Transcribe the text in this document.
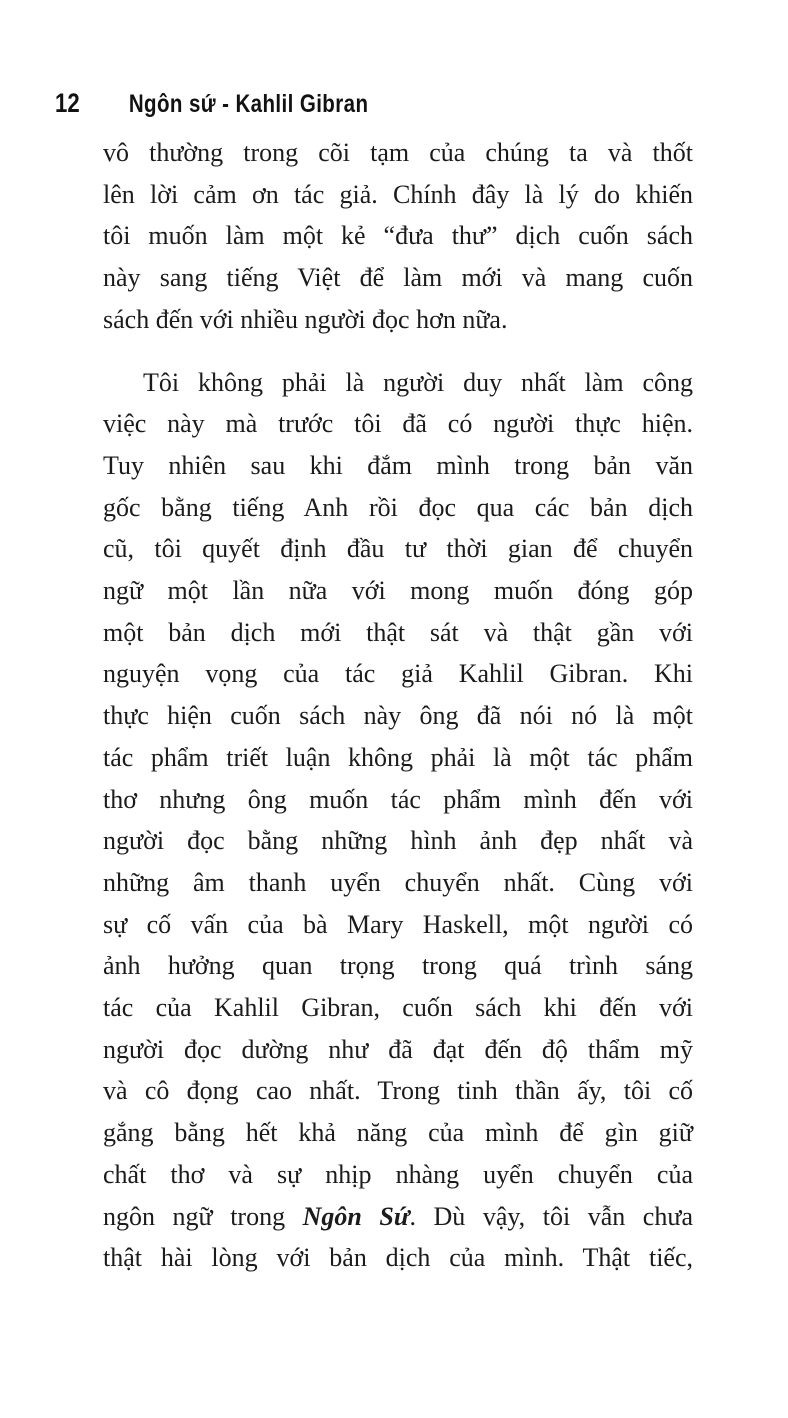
12 Ngôn sứ - Kahlil Gibran
vô thường trong cõi tạm của chúng ta và thốt
lên lời cảm ơn tác giả. Chính đây là lý do khiến
tôi muốn làm một kẻ “đưa thư” dịch cuốn sách
này sang tiếng Việt để làm mới và mang cuốn
sách đến với nhiều người đọc hơn nữa.
Tôi không phải là người duy nhất làm công
việc này mà trước tôi đã có người thực hiện.
Tuy nhiên sau khi đắm mình trong bản văn
gốc bằng tiếng Anh rồi đọc qua các bản dịch
cũ, tôi quyết định đầu tư thời gian để chuyển
ngữ một lần nữa với mong muốn đóng góp
một bản dịch mới thật sát và thật gần với
nguyện vọng của tác giả Kahlil Gibran. Khi
thực hiện cuốn sách này ông đã nói nó là một
tác phẩm triết luận không phải là một tác phẩm
thơ nhưng ông muốn tác phẩm mình đến với
người đọc bằng những hình ảnh đẹp nhất và
những âm thanh uyển chuyển nhất. Cùng với
sự cố vấn của bà Mary Haskell, một người có
ảnh hưởng quan trọng trong quá trình sáng
tác của Kahlil Gibran, cuốn sách khi đến với
người đọc dường như đã đạt đến độ thẩm mỹ
và cô đọng cao nhất. Trong tinh thần ấy, tôi cố
gắng bằng hết khả năng của mình để gìn giữ
chất thơ và sự nhịp nhàng uyển chuyển của
ngôn ngữ trong Ngôn Sứ. Dù vậy, tôi vẫn chưa
thật hài lòng với bản dịch của mình. Thật tiếc,
